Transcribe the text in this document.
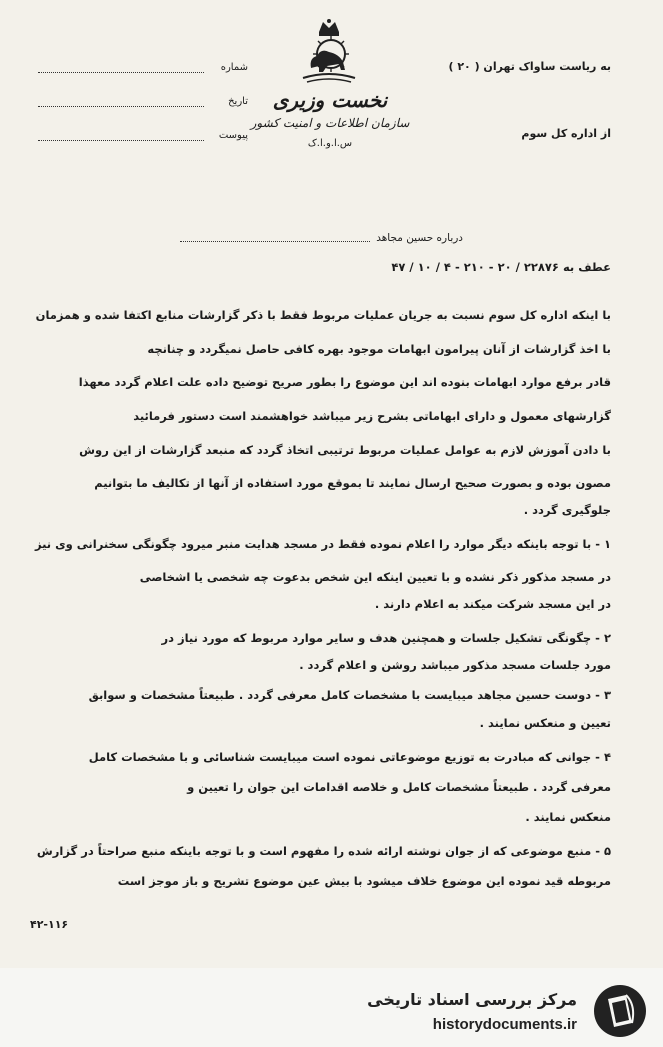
شماره
تاریخ
پیوست
نخست وزیری
سازمان اطلاعات و امنیت کشور
س.ا.و.ا.ک
به ریاست ساواک تهران ( ۲۰ )
از اداره کل سوم
درباره حسین مجاهد
عطف به ۲۲۸۷۶ / ۲۰ - ۲۱۰ - ۴ / ۱۰ / ۴۷
با اینکه اداره کل سوم نسبت به جریان عملیات مربوط فقط با ذکر گزارشات منابع اکتفا شده و همزمان
با اخذ گزارشات از آنان پیرامون ابهامات موجود بهره کافی حاصل نمیگردد و چنانچه
قادر برفع موارد ابهامات بنوده اند این موضوع را بطور صریح توضیح داده علت اعلام گردد معهذا
گزارشهای معمول و دارای ابهاماتی بشرح زیر میباشد خواهشمند است دستور فرمائید
با دادن آموزش لازم به عوامل عملیات مربوط ترتیبی اتخاذ گردد که منبعد گزارشات از این روش
مصون بوده و بصورت صحیح ارسال نمایند تا بموقع مورد استفاده از آنها از تکالیف ما بتوانیم
جلوگیری گردد .
۱ - با توجه باینکه دیگر موارد را اعلام نموده فقط در مسجد هدایت منبر میرود چگونگی سخنرانی وی نیز
در مسجد مذکور ذکر نشده و با تعیین اینکه این شخص بدعوت چه شخصی یا اشخاصی
در این مسجد شرکت میکند به اعلام دارند .
۲ - چگونگی تشکیل جلسات و همچنین هدف و سایر موارد مربوط که مورد نیاز در
مورد جلسات مسجد مذکور میباشد روشن و اعلام گردد .
۳ - دوست حسین مجاهد میبایست با مشخصات کامل معرفی گردد . طبیعتاً مشخصات و سوابق
تعیین و منعکس نمایند .
۴ - جوانی که مبادرت به توزیع موضوعاتی نموده است میبایست شناسائی و با مشخصات کامل
معرفی گردد . طبیعتاً مشخصات کامل و خلاصه اقدامات این جوان را تعیین و
منعکس نمایند .
۵ - منبع موضوعی که از جوان نوشته ارائه شده را مفهوم است و با توجه باینکه منبع صراحتاً در گزارش
مربوطه قید نموده این موضوع خلاف میشود با بیش عین موضوع تشریح و باز موجز است
۴۲-۱۱۶
مرکز بررسی اسناد تاریخی
historydocuments.ir
